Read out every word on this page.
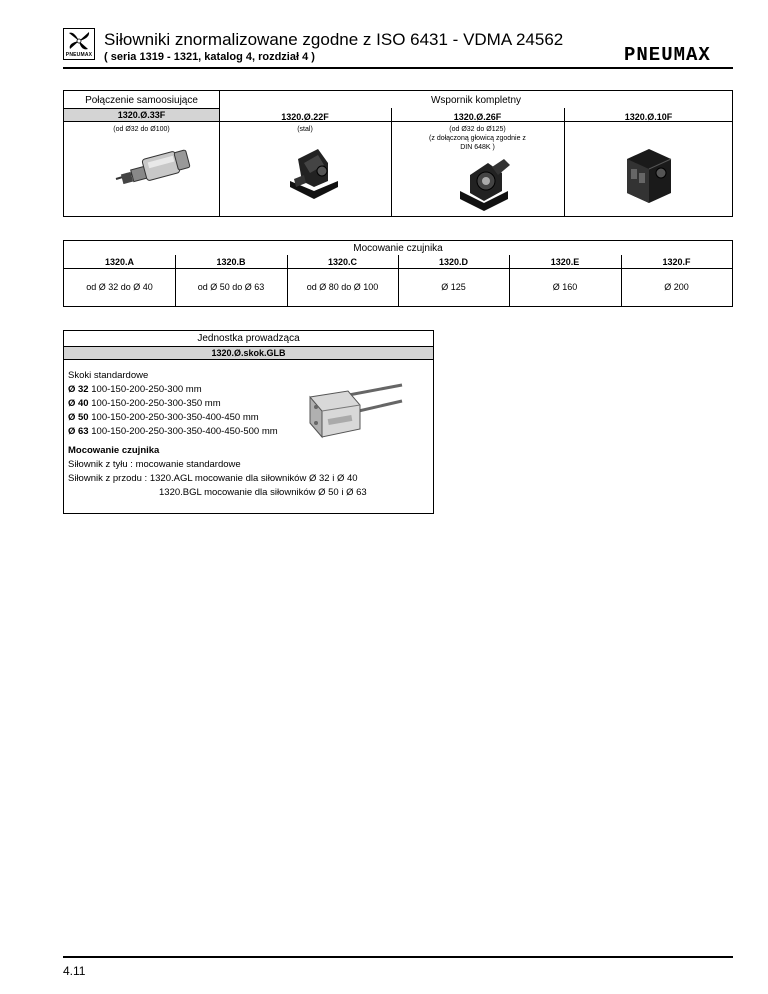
PNEUMAX
Siłowniki znormalizowane zgodne z ISO 6431 - VDMA 24562
( seria 1319 - 1321, katalog 4, rozdział 4 )	PNEUMAX
Połączenie samoosiujące	Wspornik kompletny
1320.Ø.33F	1320.Ø.22F	1320.Ø.26F	1320.Ø.10F
(od Ø32 do Ø100)	(stal)	(od Ø32 do Ø125)
(z dołączoną głowicą zgodnie z
DIN 648K )
Mocowanie czujnika
1320.A	1320.B	1320.C	1320.D	1320.E	1320.F
od Ø 32 do Ø 40	od Ø 50 do Ø 63	od Ø 80 do Ø 100	Ø 125	Ø 160	Ø 200
Jednostka prowadząca
1320.Ø.skok.GLB
Skoki standardowe
Ø 32 100-150-200-250-300 mm
Ø 40 100-150-200-250-300-350 mm
Ø 50 100-150-200-250-300-350-400-450 mm
Ø 63 100-150-200-250-300-350-400-450-500 mm
Mocowanie czujnika
Siłownik z tyłu : mocowanie standardowe
Siłownik z przodu : 1320.AGL mocowanie dla siłowników Ø 32 i Ø 40
1320.BGL mocowanie dla siłowników Ø 50 i Ø 63
4.11
